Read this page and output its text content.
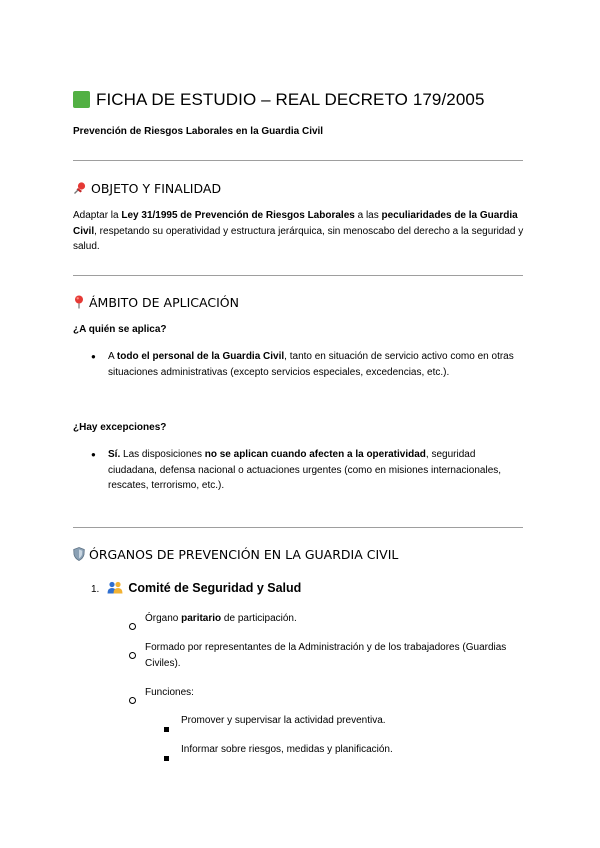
FICHA DE ESTUDIO – REAL DECRETO 179/2005
Prevención de Riesgos Laborales en la Guardia Civil
OBJETO Y FINALIDAD
Adaptar la Ley 31/1995 de Prevención de Riesgos Laborales a las peculiaridades de la Guardia Civil, respetando su operatividad y estructura jerárquica, sin menoscabo del derecho a la seguridad y salud.
ÁMBITO DE APLICACIÓN
¿A quién se aplica?
● A todo el personal de la Guardia Civil, tanto en situación de servicio activo como en otras situaciones administrativas (excepto servicios especiales, excedencias, etc.).
¿Hay excepciones?
● Sí. Las disposiciones no se aplican cuando afecten a la operatividad, seguridad ciudadana, defensa nacional o actuaciones urgentes (como en misiones internacionales, rescates, terrorismo, etc.).
ÓRGANOS DE PREVENCIÓN EN LA GUARDIA CIVIL
1. Comité de Seguridad y Salud
Órgano paritario de participación.
Formado por representantes de la Administración y de los trabajadores (Guardias Civiles).
Funciones:
Promover y supervisar la actividad preventiva.
Informar sobre riesgos, medidas y planificación.
